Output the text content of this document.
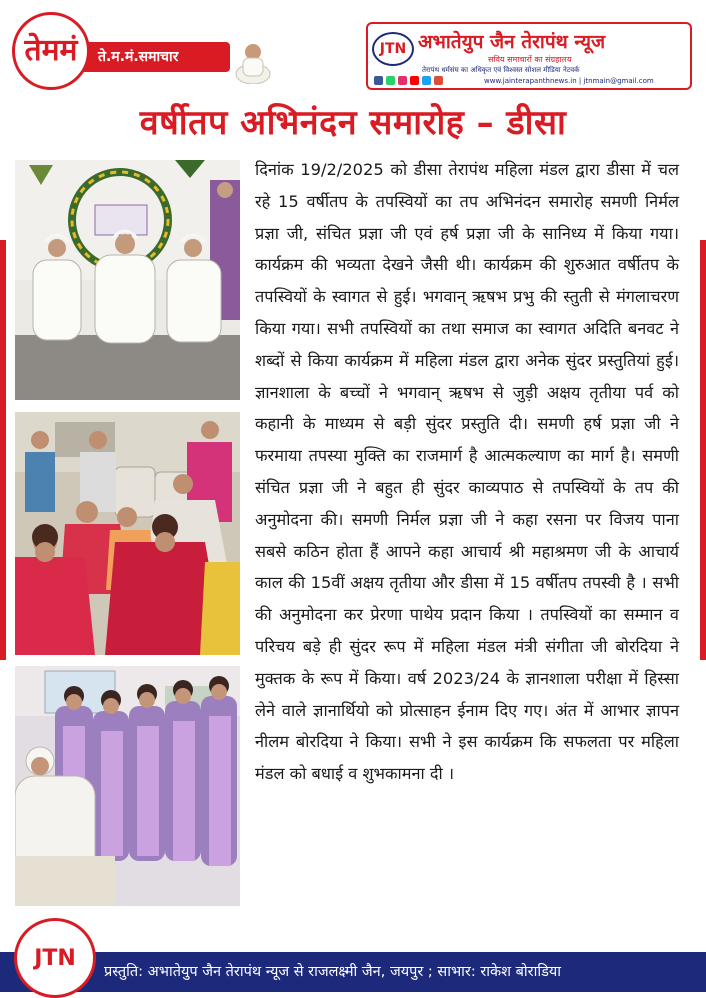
तेममं ते.म.मं.समाचार	JTN अभातेयुप जैन तेरापंथ न्यूज
सविय समाचारों का संग्रहालय
तेरापंथ धर्मसंघ का अधिकृत एवं विश्वस्त सोशल मीडिया नेटवर्क
www.jainterapanthnews.in | jtnmain@gmail.com
वर्षीतप अभिनंदन समारोह – डीसा
दिनांक 19/2/2025 को डीसा तेरापंथ महिला मंडल द्वारा डीसा में चल रहे 15 वर्षीतप के तपस्वियों का तप अभिनंदन समारोह समणी निर्मल प्रज्ञा जी, संचित प्रज्ञा जी एवं हर्ष प्रज्ञा जी के सानिध्य में किया गया। कार्यक्रम की भव्यता देखने जैसी थी। कार्यक्रम की शुरुआत वर्षीतप के तपस्वियों के स्वागत से हुई। भगवान् ऋषभ प्रभु की स्तुती से मंगलाचरण किया गया। सभी तपस्वियों का तथा समाज का स्वागत अदिति बनवट ने शब्दों से किया कार्यक्रम में महिला मंडल द्वारा अनेक सुंदर प्रस्तुतियां हुई। ज्ञानशाला के बच्चों ने भगवान् ऋषभ से जुड़ी अक्षय तृतीया पर्व को कहानी के माध्यम से बड़ी सुंदर प्रस्तुति दी। समणी हर्ष प्रज्ञा जी ने फरमाया तपस्या मुक्ति का राजमार्ग है आत्मकल्याण का मार्ग है। समणी संचित प्रज्ञा जी ने बहुत ही सुंदर काव्यपाठ से तपस्वियों के तप की अनुमोदना की। समणी निर्मल प्रज्ञा जी ने कहा रसना पर विजय पाना सबसे कठिन होता हैं आपने कहा आचार्य श्री महाश्रमण जी के आचार्य काल की 15वीं अक्षय तृतीया और डीसा में 15 वर्षीतप तपस्वी है । सभी की अनुमोदना कर प्रेरणा पाथेय प्रदान किया । तपस्वियों का सम्मान व परिचय बड़े ही सुंदर रूप में महिला मंडल मंत्री संगीता जी बोरदिया ने मुक्तक के रूप में किया। वर्ष 2023/24 के ज्ञानशाला परीक्षा में हिस्सा लेने वाले ज्ञानार्थियो को प्रोत्साहन ईनाम दिए गए। अंत में आभार ज्ञापन नीलम बोरदिया ने किया। सभी ने इस कार्यक्रम कि सफलता पर महिला मंडल को बधाई व शुभकामना दी ।
प्रस्तुति: अभातेयुप जैन तेरापंथ न्यूज से राजलक्ष्मी जैन, जयपुर ; साभार: राकेश बोराडिया
JTN
